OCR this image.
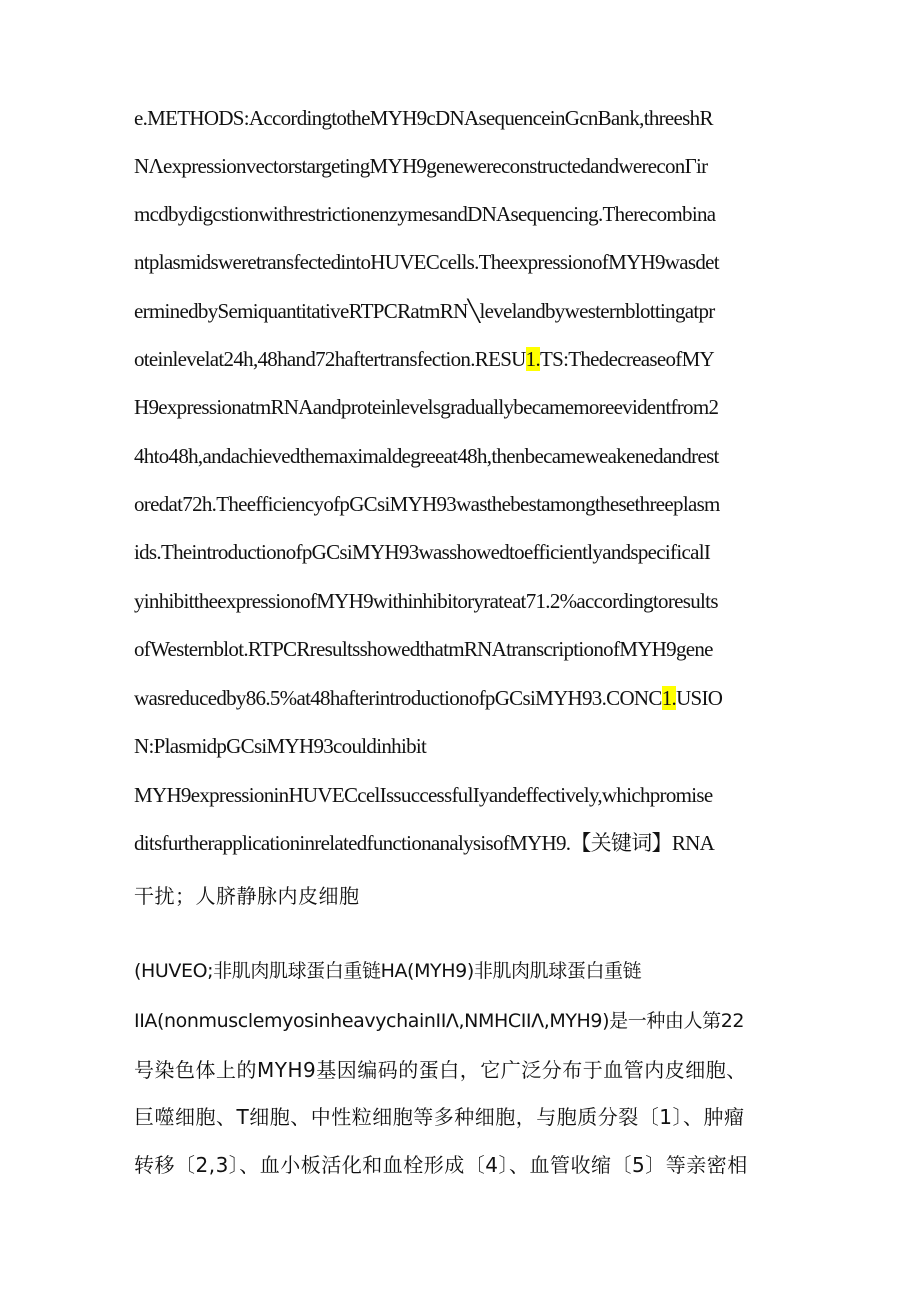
e.METHODS:AccordingtotheMYH9cDNAsequenceinGcnBank,threeshR
NΛexpressionvectorstargetingMYH9genewereconstructedandwereconΓir
mcdbydigcstionwithrestrictionenzymesandDNAsequencing.Therecombina
ntplasmidsweretransfectedintoHUVECcells.TheexpressionofMYH9wasdet
erminedbySemiquantitativeRTPCRatmRN╲levelandbywesternblottingatpr
oteinlevelat24h,48hand72haftertransfection.RESU1.TS:ThedecreaseofMY
H9expressionatmRNAandproteinlevelsgraduallybecamemoreevidentfrom2
4hto48h,andachievedthemaximaldegreeat48h,thenbecameweakenedandrest
oredat72h.TheefficiencyofpGCsiMYH93wasthebestamongthesethreeplasm
ids.TheintroductionofpGCsiMYH93wasshowedtoefficientlyandspecificalI
yinhibittheexpressionofMYH9withinhibitoryrateat71.2%accordingtoresults
ofWesternblot.RTPCRresultsshowedthatmRNAtranscriptionofMYH9gene
wasreducedby86.5%at48hafterintroductionofpGCsiMYH93.CONC1.USIO
N:PlasmidpGCsiMYH93couldinhibit
MYH9expressioninHUVECcelIssuccessfulIyandeffectively,whichpromise
ditsfurtherapplicationinrelatedfunctionanalysisofMYH9.【关键词】RNA
干扰；人脐静脉内皮细胞
(HUVEO;非肌肉肌球蛋白重链HA(MYH9)非肌肉肌球蛋白重链
IIA(nonmusclemyosinheavychainIIΛ,NMHCIIΛ,MYH9)是一种由人第22
号染色体上的MYH9基因编码的蛋白，它广泛分布于血管内皮细胞、
巨噬细胞、T细胞、中性粒细胞等多种细胞，与胞质分裂〔1〕、肿瘤
转移〔2,3〕、血小板活化和血栓形成〔4〕、血管收缩〔5〕等亲密相
